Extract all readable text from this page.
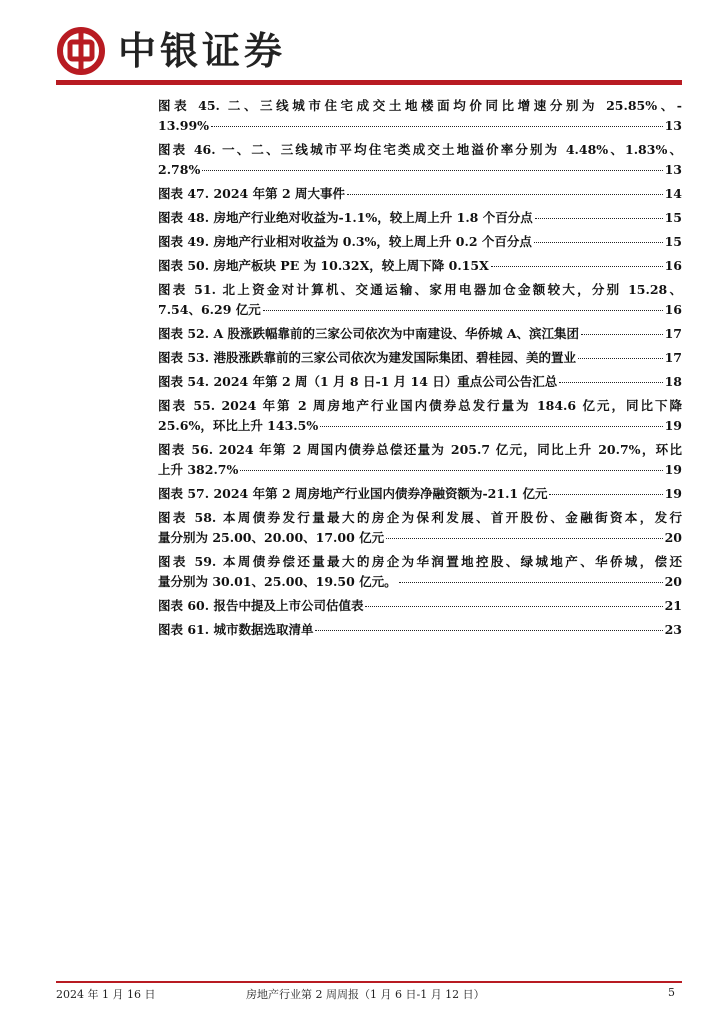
中银证券
图表 45. 二、三线城市住宅成交土地楼面均价同比增速分别为 25.85%、-
13.99%	13
图表 46. 一、二、三线城市平均住宅类成交土地溢价率分别为 4.48%、1.83%、
2.78%	13
图表 47. 2024 年第 2 周大事件	14
图表 48. 房地产行业绝对收益为-1.1%，较上周上升 1.8 个百分点	15
图表 49. 房地产行业相对收益为 0.3%，较上周上升 0.2 个百分点	15
图表 50. 房地产板块 PE 为 10.32X，较上周下降 0.15X	16
图表 51. 北上资金对计算机、交通运输、家用电器加仓金额较大，分别 15.28、
7.54、6.29 亿元	16
图表 52. A 股涨跌幅靠前的三家公司依次为中南建设、华侨城 A、滨江集团	17
图表 53. 港股涨跌靠前的三家公司依次为建发国际集团、碧桂园、美的置业	17
图表 54. 2024 年第 2 周（1 月 8 日-1 月 14 日）重点公司公告汇总	18
图表 55. 2024 年第 2 周房地产行业国内债券总发行量为 184.6 亿元，同比下降
25.6%，环比上升 143.5%	19
图表 56. 2024 年第 2 周国内债券总偿还量为 205.7 亿元，同比上升 20.7%，环比
上升 382.7%	19
图表 57. 2024 年第 2 周房地产行业国内债券净融资额为-21.1 亿元	19
图表 58. 本周债券发行量最大的房企为保利发展、首开股份、金融街资本，发行
量分别为 25.00、20.00、17.00 亿元	20
图表 59. 本周债券偿还量最大的房企为华润置地控股、绿城地产、华侨城，偿还
量分别为 30.01、25.00、19.50 亿元。	20
图表 60. 报告中提及上市公司估值表	21
图表 61. 城市数据选取清单	23
2024 年 1 月 16 日	房地产行业第 2 周周报（1 月 6 日-1 月 12 日）	5
